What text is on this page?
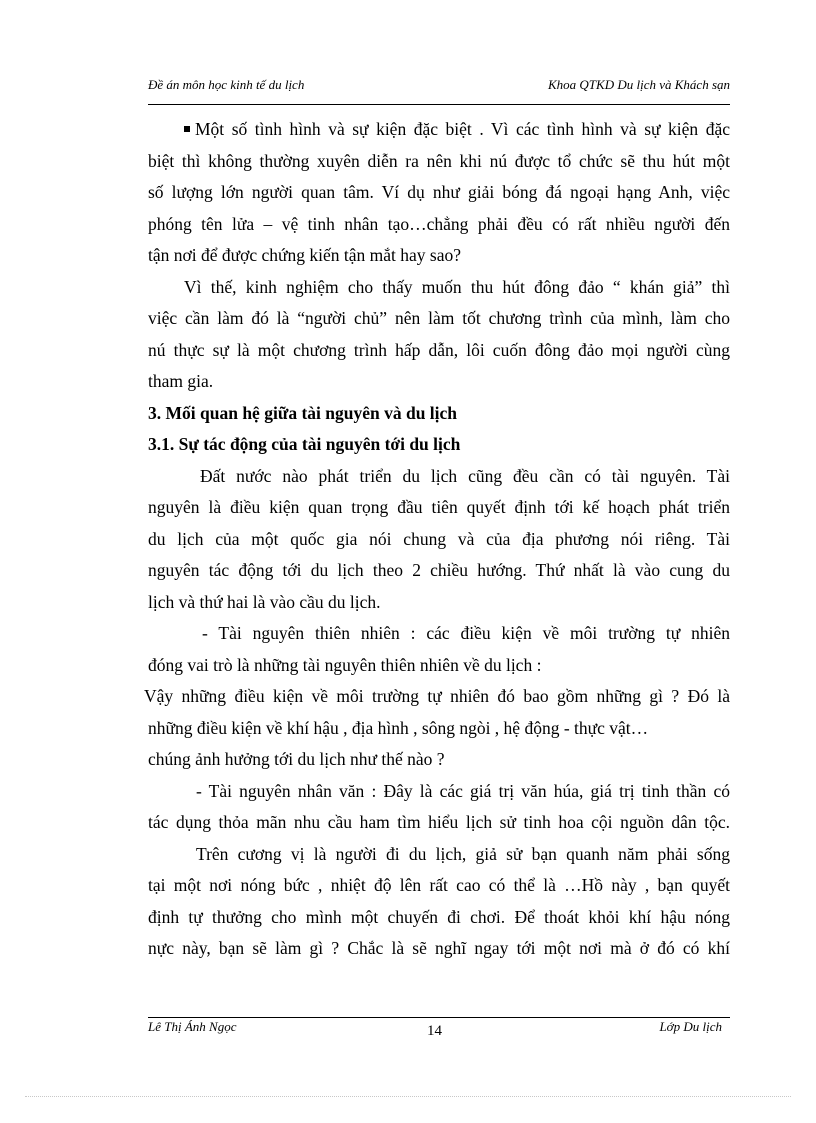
Đề án môn học kinh tế du lịch	Khoa QTKD Du lịch và Khách sạn
Một số tình hình và sự kiện đặc biệt . Vì các tình hình và sự kiện đặc
biệt thì không thường xuyên diễn ra nên khi nú được tổ chức sẽ thu hút một
số lượng lớn người quan tâm. Ví dụ như giải bóng đá ngoại hạng Anh, việc
phóng tên lửa – vệ tinh nhân tạo…chẳng phải đều có rất nhiều người đến
tận nơi để được chứng kiến tận mắt hay sao?
Vì thế, kinh nghiệm cho thấy muốn thu hút đông đảo “ khán giả” thì
việc cần làm đó là “người chủ” nên làm tốt chương trình của mình, làm cho
nú thực sự là một chương trình hấp dẫn, lôi cuốn đông đảo mọi người cùng
tham gia.
3. Mối quan hệ giữa tài nguyên và du lịch
3.1. Sự tác động của tài nguyên tới du lịch
Đất nước nào phát triển du lịch cũng đều cần có tài nguyên. Tài
nguyên là điều kiện quan trọng đầu tiên quyết định tới kế hoạch phát triển
du lịch của một quốc gia nói chung và của địa phương nói riêng. Tài
nguyên tác động tới du lịch theo 2 chiều hướng. Thứ nhất là vào cung du
lịch và thứ hai là vào cầu du lịch.
- Tài nguyên thiên nhiên : các điều kiện về môi trường tự nhiên
đóng vai trò là những tài nguyên thiên nhiên về du lịch :
Vậy những điều kiện về môi trường tự nhiên đó bao gồm những gì ? Đó là
những điều kiện về khí hậu , địa hình , sông ngòi , hệ động - thực vật…
chúng ảnh hưởng tới du lịch như thế nào ?
- Tài nguyên nhân văn : Đây là các giá trị văn húa, giá trị tinh thần có
tác dụng thỏa mãn nhu cầu ham tìm hiểu lịch sử tinh hoa cội nguồn dân tộc.
Trên cương vị là người đi du lịch, giả sử bạn quanh năm phải sống
tại một nơi nóng bức , nhiệt độ lên rất cao có thể là …Hồ này , bạn quyết
định tự thưởng cho mình một chuyến đi chơi. Để thoát khỏi khí hậu nóng
nực này, bạn sẽ làm gì ? Chắc là sẽ nghĩ ngay tới một nơi mà ở đó có khí
Lê Thị Ánh Ngọc	14	Lớp Du lịch
